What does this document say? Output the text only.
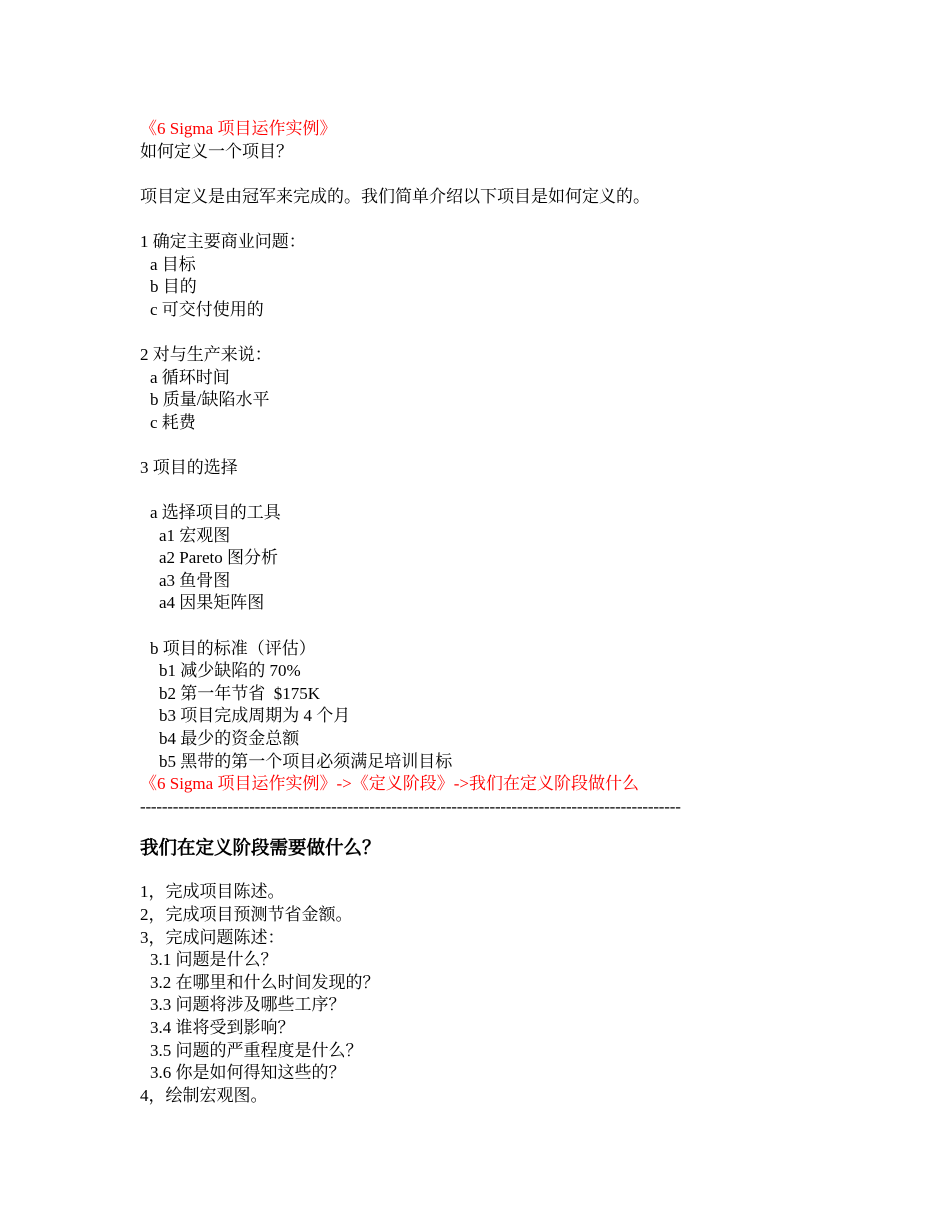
《6 Sigma 项目运作实例》
如何定义一个项目？
项目定义是由冠军来完成的。我们简单介绍以下项目是如何定义的。
1 确定主要商业问题：
a 目标
b 目的
c 可交付使用的
2 对与生产来说：
a 循环时间
b 质量/缺陷水平
c 耗费
3 项目的选择
a 选择项目的工具
a1 宏观图
a2 Pareto 图分析
a3 鱼骨图
a4 因果矩阵图
b 项目的标准（评估）
b1 减少缺陷的 70%
b2 第一年节省  $175K
b3 项目完成周期为 4 个月
b4 最少的资金总额
b5 黑带的第一个项目必须满足培训目标
《6 Sigma 项目运作实例》->《定义阶段》->我们在定义阶段做什么
---------------------------------------------------------------------------------------------------
我们在定义阶段需要做什么？
1，完成项目陈述。
2，完成项目预测节省金额。
3，完成问题陈述：
3.1 问题是什么？
3.2 在哪里和什么时间发现的？
3.3 问题将涉及哪些工序？
3.4 谁将受到影响？
3.5 问题的严重程度是什么？
3.6 你是如何得知这些的？
4，绘制宏观图。
